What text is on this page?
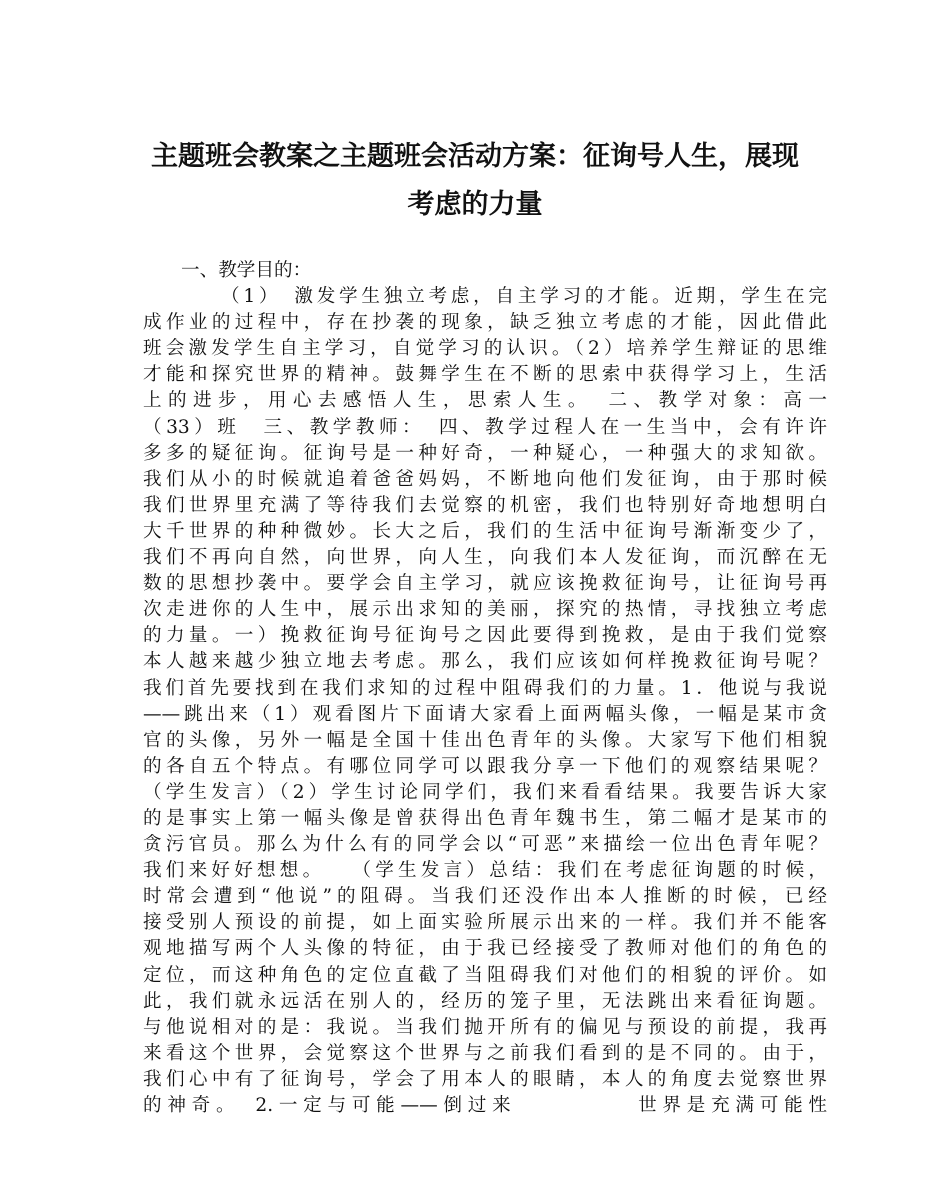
主题班会教案之主题班会活动方案：征询号人生，展现
考虑的力量
一、教学目的：
（1）　激发学生独立考虑，自主学习的才能。近期，学生在完
成作业的过程中，存在抄袭的现象，缺乏独立考虑的才能，因此借此
班会激发学生自主学习，自觉学习的认识。（2）培养学生辩证的思维
才能和探究世界的精神。鼓舞学生在不断的思索中获得学习上，生活
上的进步，用心去感悟人生，思索人生。　二、教学对象：高一
（33）班　三、教学教师：　四、教学过程人在一生当中，会有许许
多多的疑征询。征询号是一种好奇，一种疑心，一种强大的求知欲。
我们从小的时候就追着爸爸妈妈，不断地向他们发征询，由于那时候
我们世界里充满了等待我们去觉察的机密，我们也特别好奇地想明白
大千世界的种种微妙。长大之后，我们的生活中征询号渐渐变少了，
我们不再向自然，向世界，向人生，向我们本人发征询，而沉醉在无
数的思想抄袭中。要学会自主学习，就应该挽救征询号，让征询号再
次走进你的人生中，展示出求知的美丽，探究的热情，寻找独立考虑
的力量。一）挽救征询号征询号之因此要得到挽救，是由于我们觉察
本人越来越少独立地去考虑。那么，我们应该如何样挽救征询号呢？
我们首先要找到在我们求知的过程中阻碍我们的力量。1．他说与我说
——跳出来（1）观看图片下面请大家看上面两幅头像，一幅是某市贪
官的头像，另外一幅是全国十佳出色青年的头像。大家写下他们相貌
的各自五个特点。有哪位同学可以跟我分享一下他们的观察结果呢？
（学生发言）（2）学生讨论同学们，我们来看看结果。我要告诉大家
的是事实上第一幅头像是曾获得出色青年魏书生，第二幅才是某市的
贪污官员。那么为什么有的同学会以“可恶”来描绘一位出色青年呢？
我们来好好想想。　　（学生发言）总结：我们在考虑征询题的时候，
时常会遭到“他说”的阻碍。当我们还没作出本人推断的时候，已经
接受别人预设的前提，如上面实验所展示出来的一样。我们并不能客
观地描写两个人头像的特征，由于我已经接受了教师对他们的角色的
定位，而这种角色的定位直截了当阻碍我们对他们的相貌的评价。如
此，我们就永远活在别人的，经历的笼子里，无法跳出来看征询题。
与他说相对的是：我说。当我们抛开所有的偏见与预设的前提，我再
来看这个世界，会觉察这个世界与之前我们看到的是不同的。由于，
我们心中有了征询号，学会了用本人的眼睛，本人的角度去觉察世界
的神奇。　2.一定与可能——倒过来　　　　　世界是充满可能性
